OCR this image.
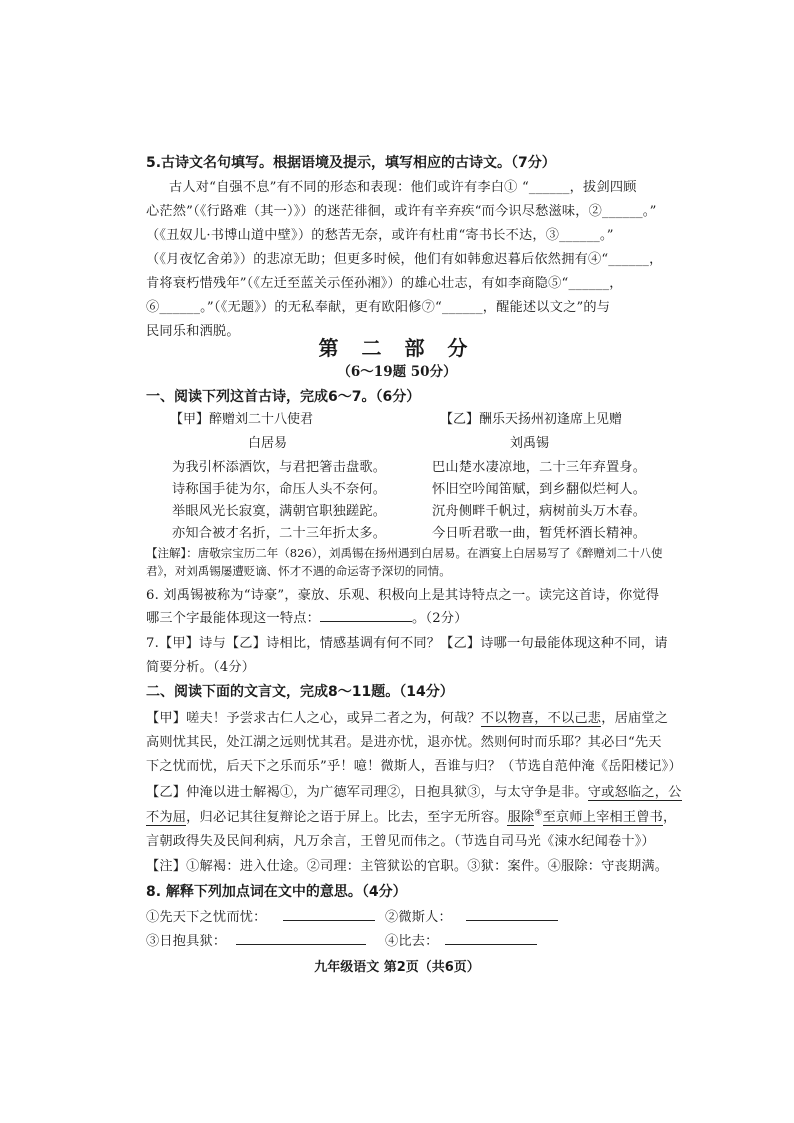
5.古诗文名句填写。根据语境及提示，填写相应的古诗文。（7分）
古人对“自强不息”有不同的形态和表现：他们或许有李白① “______，拔剑四顾
心茫然”（《行路难（其一）》）的迷茫徘徊，或许有辛弃疾“而今识尽愁滋味，②______。”
（《丑奴儿·书博山道中壁》）的愁苦无奈，或许有杜甫“寄书长不达，③______。”
（《月夜忆舍弟》）的悲凉无助；但更多时候，他们有如韩愈迟暮后依然拥有④“______，
肯将衰朽惜残年”（《左迁至蓝关示侄孙湘》）的雄心壮志，有如李商隐⑤“______，
⑥______。”（《无题》）的无私奉献，更有欧阳修⑦“______，醒能述以文之”的与
民同乐和洒脱。
第 二 部 分
（6～19题 50分）
一、阅读下列这首古诗，完成6～7。（6分）
【甲】醉赠刘二十八使君
白居易
为我引杯添酒饮，与君把箸击盘歌。
诗称国手徒为尔，命压人头不奈何。
举眼风光长寂寞，满朝官职独蹉跎。
亦知合被才名折，二十三年折太多。
【乙】酬乐天扬州初逢席上见赠
刘禹锡
巴山楚水凄凉地，二十三年弃置身。
怀旧空吟闻笛赋，到乡翻似烂柯人。
沉舟侧畔千帆过，病树前头万木春。
今日听君歌一曲，暂凭杯酒长精神。
【注解】：唐敬宗宝历二年（826），刘禹锡在扬州遇到白居易。在酒宴上白居易写了《醉赠刘二十八使
君》，对刘禹锡屡遭贬谪、怀才不遇的命运寄予深切的同情。
6. 刘禹锡被称为“诗豪”，豪放、乐观、积极向上是其诗特点之一。读完这首诗，你觉得
哪三个字最能体现这一特点：	。（2分）
7.【甲】诗与【乙】诗相比，情感基调有何不同？【乙】诗哪一句最能体现这种不同，请
简要分析。（4分）
二、阅读下面的文言文，完成8～11题。（14分）
【甲】嗟夫！予尝求古仁人之心，或异二者之为，何哉？不以物喜，不以己悲，居庙堂之
高则忧其民，处江湖之远则忧其君。是进亦忧，退亦忧。然则何时而乐耶？其必曰“先天
下之忧而忧，后天下之乐而乐”乎！噫！微斯人，吾谁与归？（节选自范仲淹《岳阳楼记》）
【乙】仲淹以进士解褐①，为广德军司理②，日抱具狱③，与太守争是非。守或怒临之，公
不为屈，归必记其往复辩论之语于屏上。比去，至字无所容。服除④至京师上宰相王曾书，
言朝政得失及民间利病，凡万余言，王曾见而伟之。（节选自司马光《涑水纪闻卷十》）
【注】①解褐：进入仕途。②司理：主管狱讼的官职。③狱：案件。④服除：守丧期满。
8. 解释下列加点词在文中的意思。（4分）
①先天下之忧而忧：	②微斯人：
③日抱具狱：	④比去：
九年级语文 第2页（共6页）
